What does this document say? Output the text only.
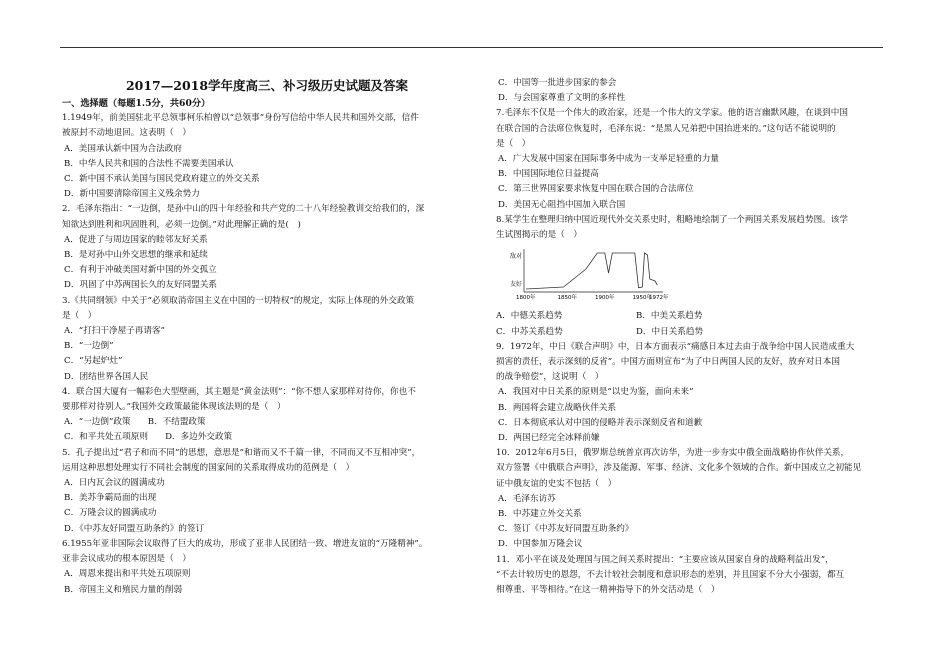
2017—2018学年度高三、补习级历史试题及答案
一、选择题（每题1.5分，共60分）
1.1949年，前美国驻北平总领事柯乐柏曾以“总领事”身份写信给中华人民共和国外交部，信件
被原封不动地退回。这表明（　）
A．美国承认新中国为合法政府
B．中华人民共和国的合法性不需要美国承认
C．新中国不承认美国与国民党政府建立的外交关系
D．新中国要清除帝国主义残余势力
2．毛泽东指出：“一边倒，是孙中山的四十年经验和共产党的二十八年经验教训交给我们的，深
知欲达到胜利和巩固胜利，必须一边倒。”对此理解正确的是(　)
A．促进了与周边国家的睦邻友好关系
B．是对孙中山外交思想的继承和延续
C．有利于冲破美国对新中国的外交孤立
D．巩固了中苏两国长久的友好同盟关系
3.《共同纲领》中关于“必须取消帝国主义在中国的一切特权”的规定，实际上体现的外交政策
是（　）
A．“打扫干净屋子再请客”
B．“一边倒”
C．“另起炉灶”
D．团结世界各国人民
4．联合国大厦有一幅彩色大型壁画，其主题是“黄金法则”：“你不想人家那样对待你，你也不
要那样对待别人。”我国外交政策最能体现该法则的是（　）
A．“一边倒”政策　　B．不结盟政策
C．和平共处五项原则　　D．多边外交政策
5．孔子提出过“君子和而不同”的思想，意思是“和谐而又不千篇一律，不同而又不互相冲突”，
运用这种思想处理实行不同社会制度的国家间的关系取得成功的范例是（　）
A．日内瓦会议的圆满成功
B．美苏争霸局面的出现
C．万隆会议的圆满成功
D．《中苏友好同盟互助条约》的签订
6.1955年亚非国际会议取得了巨大的成功，形成了亚非人民团结一致、增进友谊的“万隆精神”。
亚非会议成功的根本原因是（　）
A．周恩来提出和平共处五项原则
B．帝国主义和殖民力量的削弱
C．中国等一批进步国家的参会
D．与会国家尊重了文明的多样性
7.毛泽东不仅是一个伟大的政治家，还是一个伟大的文学家。他的语言幽默风趣，在谈到中国
在联合国的合法席位恢复时，毛泽东说：“是黑人兄弟把中国抬进来的。”这句话不能说明的
是（　）
A．广大发展中国家在国际事务中成为一支举足轻重的力量
B．中国国际地位日益提高
C．第三世界国家要求恢复中国在联合国的合法席位
D．美国无心阻挡中国加入联合国
8.某学生在整理归纳中国近现代外交关系史时，粗略地绘制了一个两国关系发展趋势图。该学
生试图揭示的是（　）
敌对
友好
1800年	1850年	1900年	1950年
1972年
A．中德关系趋势	B．中美关系趋势
C．中苏关系趋势	D．中日关系趋势
9．1972年，中日《联合声明》中，日本方面表示“痛感日本过去由于战争给中国人民造成重大
损害的责任，表示深刻的反省”。中国方面则宣布“为了中日两国人民的友好，放弃对日本国
的战争赔偿”，这说明（　）
A．我国对中日关系的原则是“以史为鉴，面向未来”
B．两国将会建立战略伙伴关系
C．日本彻底承认对中国的侵略并表示深刻反省和道歉
D．两国已经完全冰释前嫌
10．2012年6月5日，俄罗斯总统普京再次访华，为进一步夯实中俄全面战略协作伙伴关系，
双方签署《中俄联合声明》，涉及能源、军事、经济、文化多个领域的合作。新中国成立之初能见
证中俄友谊的史实不包括（　）
A．毛泽东访苏
B．中苏建立外交关系
C．签订《中苏友好同盟互助条约》
D．中国参加万隆会议
11．邓小平在谈及处理国与国之间关系时提出：“主要应该从国家自身的战略利益出发”，
“不去计较历史的恩怨，不去计较社会制度和意识形态的差别，并且国家不分大小强弱，都互
相尊重、平等相待。”在这一精神指导下的外交活动是（　）
